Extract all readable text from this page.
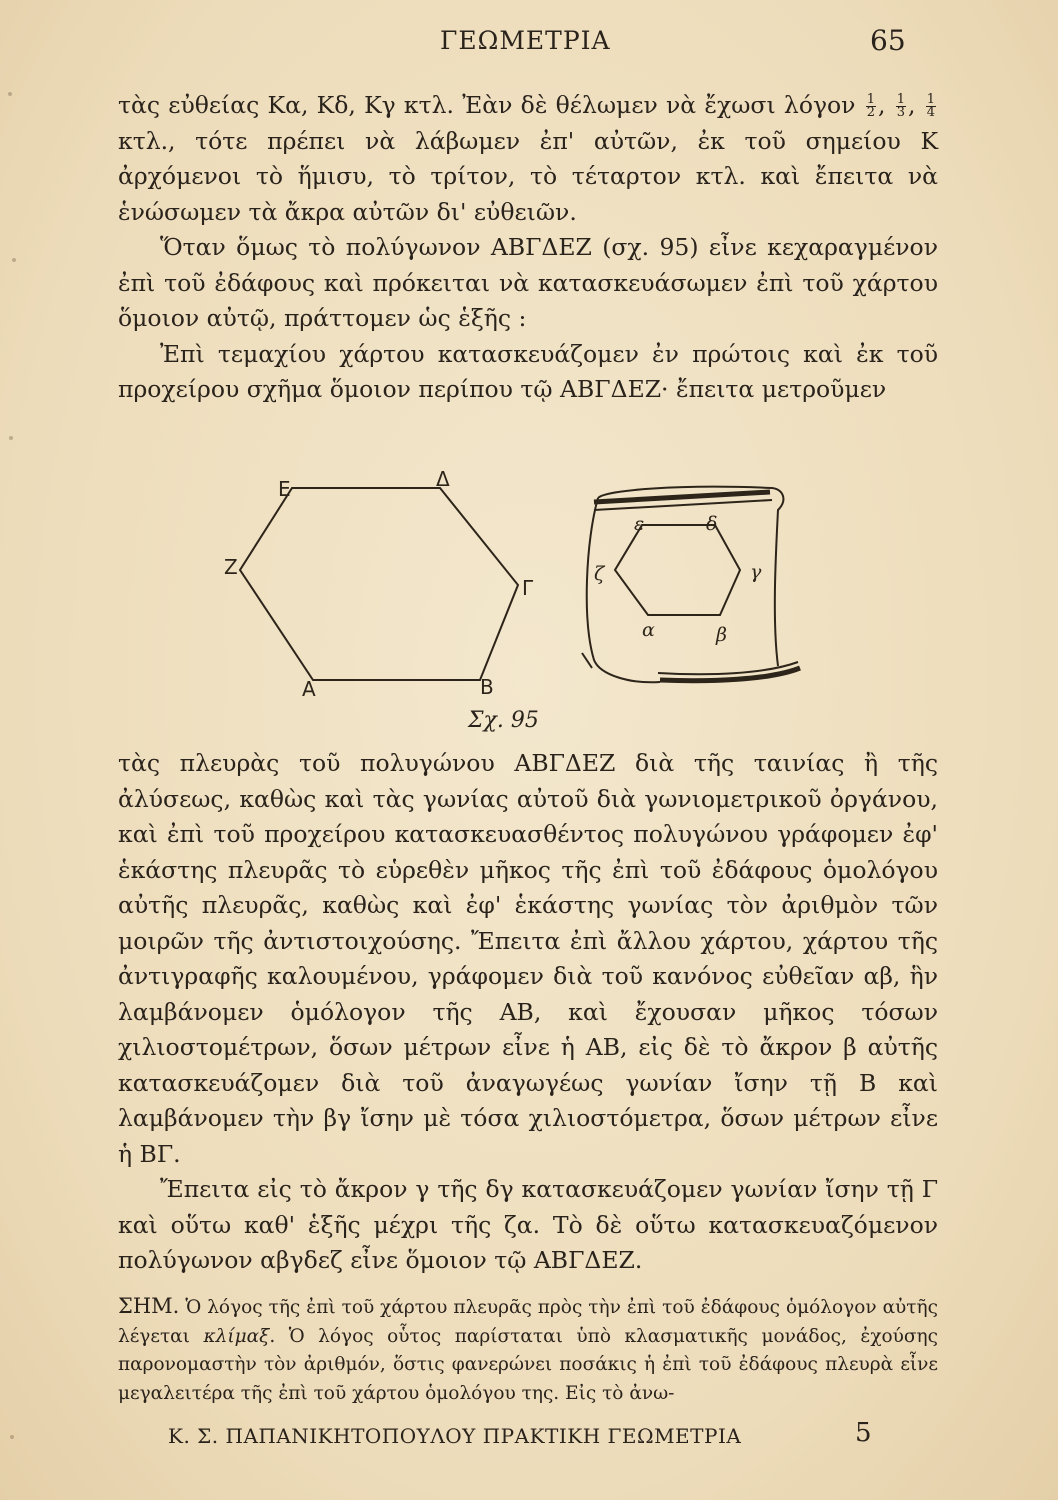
ΓΕΩΜΕΤΡΙΑ	65

τὰς εὐθείας Κα, Κδ, Κγ κτλ. Ἐὰν δὲ θέλωμεν νὰ ἔχωσι λόγον $\frac{1}{2}$ , $\frac{1}{3}$ , $\frac{1}{4}$
κτλ., τότε πρέπει νὰ λάβωμεν ἐπ' αὐτῶν, ἐκ τοῦ σημείου Κ ἀρχόμενοι τὸ ἥμισυ, τὸ τρίτον, τὸ τέταρτον κτλ. καὶ ἔπειτα νὰ ἑνώσωμεν τὰ ἄκρα αὐτῶν δι' εὐθειῶν.

Ὅταν ὅμως τὸ πολύγωνον ΑΒΓΔΕΖ (σχ. 95) εἶνε κεχαραγμένον ἐπὶ τοῦ ἐδάφους καὶ πρόκειται νὰ κατασκευάσωμεν ἐπὶ τοῦ χάρτου ὅμοιον αὐτῷ, πράττομεν ὡς ἑξῆς :

Ἐπὶ τεμαχίου χάρτου κατασκευάζομεν ἐν πρώτοις καὶ ἐκ τοῦ προχείρου σχῆμα ὅμοιον περίπου τῷ ΑΒΓΔΕΖ· ἔπειτα μετροῦμεν

Α	Β
Γ
Δ
Ε
Ζ
α	β
γ
δ
ε
ζ
Σχ. 95

τὰς πλευρὰς τοῦ πολυγώνου ΑΒΓΔΕΖ διὰ τῆς ταινίας ἢ τῆς ἀλύσεως, καθὼς καὶ τὰς γωνίας αὐτοῦ διὰ γωνιομετρικοῦ ὀργάνου, καὶ ἐπὶ τοῦ προχείρου κατασκευασθέντος πολυγώνου γράφομεν ἐφ' ἑκάστης πλευρᾶς τὸ εὑρεθὲν μῆκος τῆς ἐπὶ τοῦ ἐδάφους ὁμολόγου αὐτῆς πλευρᾶς, καθὼς καὶ ἐφ' ἑκάστης γωνίας τὸν ἀριθμὸν τῶν μοιρῶν τῆς ἀντιστοιχούσης. Ἔπειτα ἐπὶ ἄλλου χάρτου, χάρτου τῆς ἀντιγραφῆς καλουμένου, γράφομεν διὰ τοῦ κανόνος εὐθεῖαν αβ, ἣν λαμβάνομεν ὁμόλογον τῆς ΑΒ, καὶ ἔχουσαν μῆκος τόσων χιλιοστομέτρων, ὅσων μέτρων εἶνε ἡ ΑΒ, εἰς δὲ τὸ ἄκρον β αὐτῆς κατασκευάζομεν διὰ τοῦ ἀναγωγέως γωνίαν ἴσην τῇ Β καὶ λαμβάνομεν τὴν βγ ἴσην μὲ τόσα χιλιοστόμετρα, ὅσων μέτρων εἶνε ἡ ΒΓ.

Ἔπειτα εἰς τὸ ἄκρον γ τῆς δγ κατασκευάζομεν γωνίαν ἴσην τῇ Γ καὶ οὕτω καθ' ἑξῆς μέχρι τῆς ζα. Τὸ δὲ οὕτω κατασκευαζόμενον πολύγωνον αβγδεζ εἶνε ὅμοιον τῷ ΑΒΓΔΕΖ.

ΣΗΜ. Ὁ λόγος τῆς ἐπὶ τοῦ χάρτου πλευρᾶς πρὸς τὴν ἐπὶ τοῦ ἐδάφους ὁμόλογον αὐτῆς λέγεται κλίμαξ. Ὁ λόγος οὗτος παρίσταται ὑπὸ κλασματικῆς μονάδος, ἐχούσης παρονομαστὴν τὸν ἀριθμόν, ὅστις φανερώνει ποσάκις ἡ ἐπὶ τοῦ ἐδάφους πλευρὰ εἶνε μεγαλειτέρα τῆς ἐπὶ τοῦ χάρτου ὁμολόγου της. Εἰς τὸ ἀνω-
Κ. Σ. ΠΑΠΑΝΙΚΗΤΟΠΟΥΛΟΥ ΠΡΑΚΤΙΚΗ ΓΕΩΜΕΤΡΙΑ	5
